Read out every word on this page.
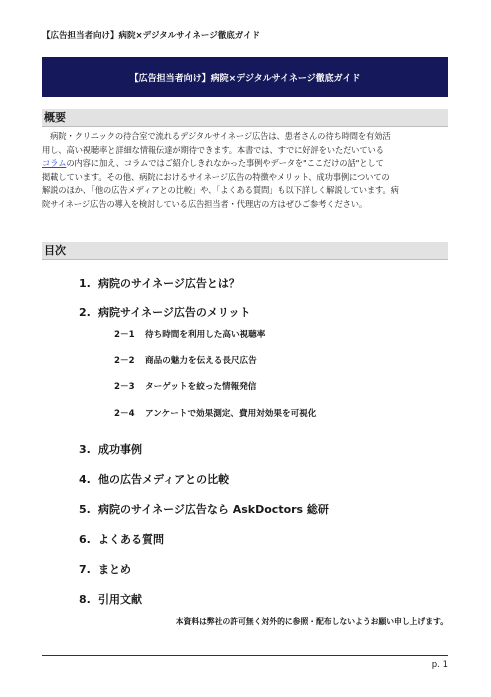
【広告担当者向け】病院×デジタルサイネージ徹底ガイド
【広告担当者向け】病院×デジタルサイネージ徹底ガイド
概要

　病院・クリニックの待合室で流れるデジタルサイネージ広告は、患者さんの待ち時間を有効活

用し、高い視聴率と詳細な情報伝達が期待できます。本書では、すでに好評をいただいている

コラムの内容に加え、コラムではご紹介しきれなかった事例やデータを"ここだけの話"として

掲載しています。その他、病院におけるサイネージ広告の特徴やメリット、成功事例についての

解説のほか、「他の広告メディアとの比較」や、「よくある質問」も以下詳しく解説しています。病

院サイネージ広告の導入を検討している広告担当者・代理店の方はぜひご参考ください。

目次
1. 病院のサイネージ広告とは？
2. 病院サイネージ広告のメリット
2－1 待ち時間を利用した高い視聴率
2－2 商品の魅力を伝える長尺広告
2－3 ターゲットを絞った情報発信
2－4 アンケートで効果測定、費用対効果を可視化
3. 成功事例
4. 他の広告メディアとの比較
5. 病院のサイネージ広告なら AskDoctors 総研
6. よくある質問
7. まとめ
8. 引用文献
本資料は弊社の許可無く対外的に参照・配布しないようお願い申し上げます。
p. 1
